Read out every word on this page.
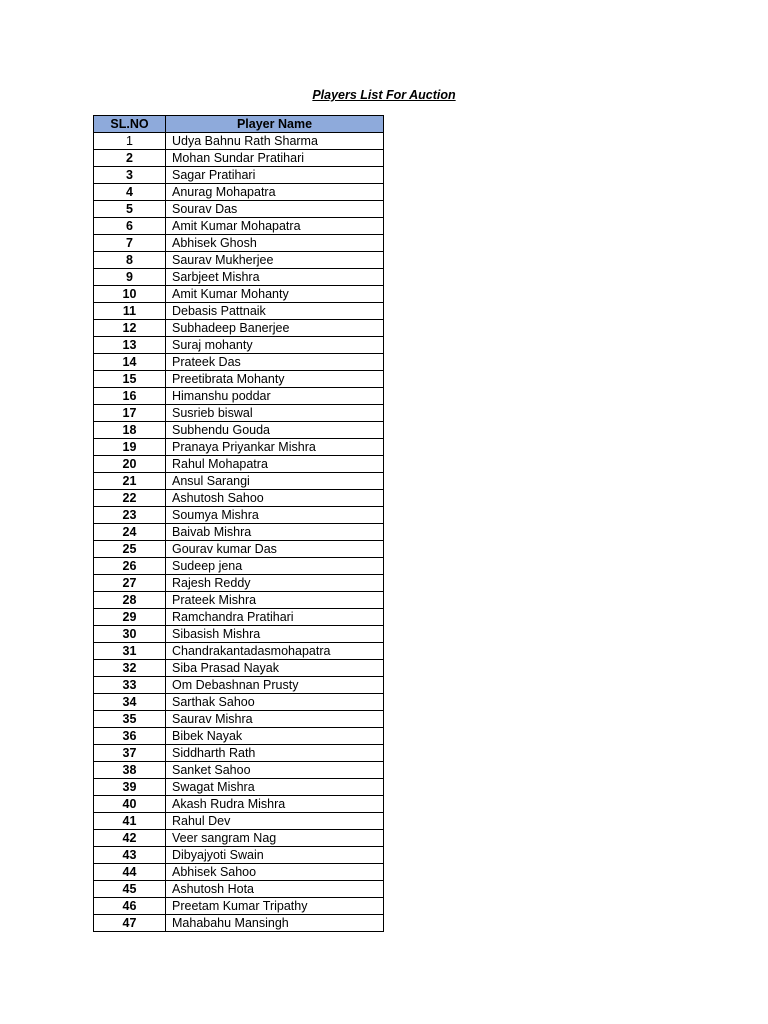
Players List For Auction
SL.NO	Player Name
1	Udya Bahnu Rath Sharma
2	Mohan Sundar Pratihari
3	Sagar Pratihari
4	Anurag Mohapatra
5	Sourav Das
6	Amit Kumar Mohapatra
7	Abhisek Ghosh
8	Saurav Mukherjee
9	Sarbjeet Mishra
10	Amit Kumar Mohanty
11	Debasis Pattnaik
12	Subhadeep Banerjee
13	Suraj mohanty
14	Prateek Das
15	Preetibrata Mohanty
16	Himanshu poddar
17	Susrieb biswal
18	Subhendu Gouda
19	Pranaya Priyankar Mishra
20	Rahul Mohapatra
21	Ansul Sarangi
22	Ashutosh Sahoo
23	Soumya Mishra
24	Baivab Mishra
25	Gourav kumar Das
26	Sudeep jena
27	Rajesh Reddy
28	Prateek Mishra
29	Ramchandra Pratihari
30	Sibasish Mishra
31	Chandrakantadasmohapatra
32	Siba Prasad Nayak
33	Om Debashnan Prusty
34	Sarthak Sahoo
35	Saurav Mishra
36	Bibek Nayak
37	Siddharth Rath
38	Sanket Sahoo
39	Swagat Mishra
40	Akash Rudra Mishra
41	Rahul Dev
42	Veer sangram Nag
43	Dibyajyoti Swain
44	Abhisek Sahoo
45	Ashutosh Hota
46	Preetam Kumar Tripathy
47	Mahabahu Mansingh
